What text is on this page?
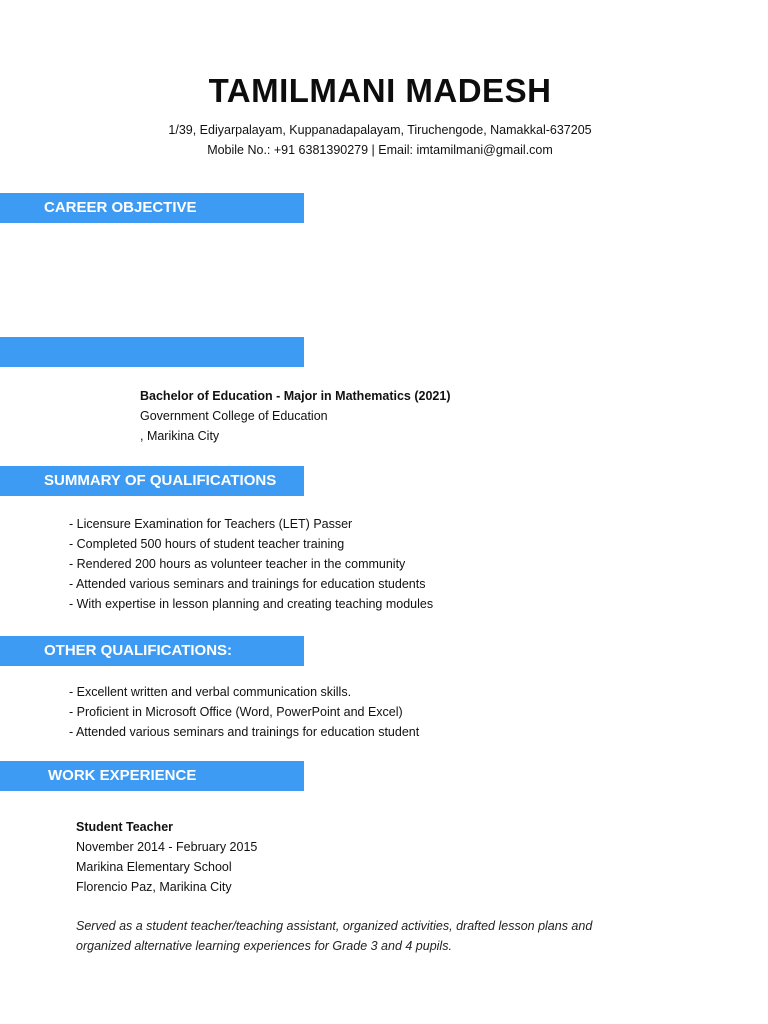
TAMILMANI MADESH
1/39, Ediyarpalayam, Kuppanadapalayam, Tiruchengode, Namakkal-637205
Mobile No.: +91 6381390279 | Email: imtamilmani@gmail.com
CAREER OBJECTIVE
Bachelor of Education - Major in Mathematics (2021)
Government College of Education
, Marikina City
SUMMARY OF QUALIFICATIONS
- Licensure Examination for Teachers (LET) Passer
- Completed 500 hours of student teacher training
- Rendered 200 hours as volunteer teacher in the community
- Attended various seminars and trainings for education students
- With expertise in lesson planning and creating teaching modules
OTHER QUALIFICATIONS:
- Excellent written and verbal communication skills.
- Proficient in Microsoft Office (Word, PowerPoint and Excel)
- Attended various seminars and trainings for education student
WORK EXPERIENCE
Student Teacher
November 2014 - February 2015
Marikina Elementary School
Florencio Paz, Marikina City
Served as a student teacher/teaching assistant, organized activities, drafted lesson plans and organized alternative learning experiences for Grade 3 and 4 pupils.
